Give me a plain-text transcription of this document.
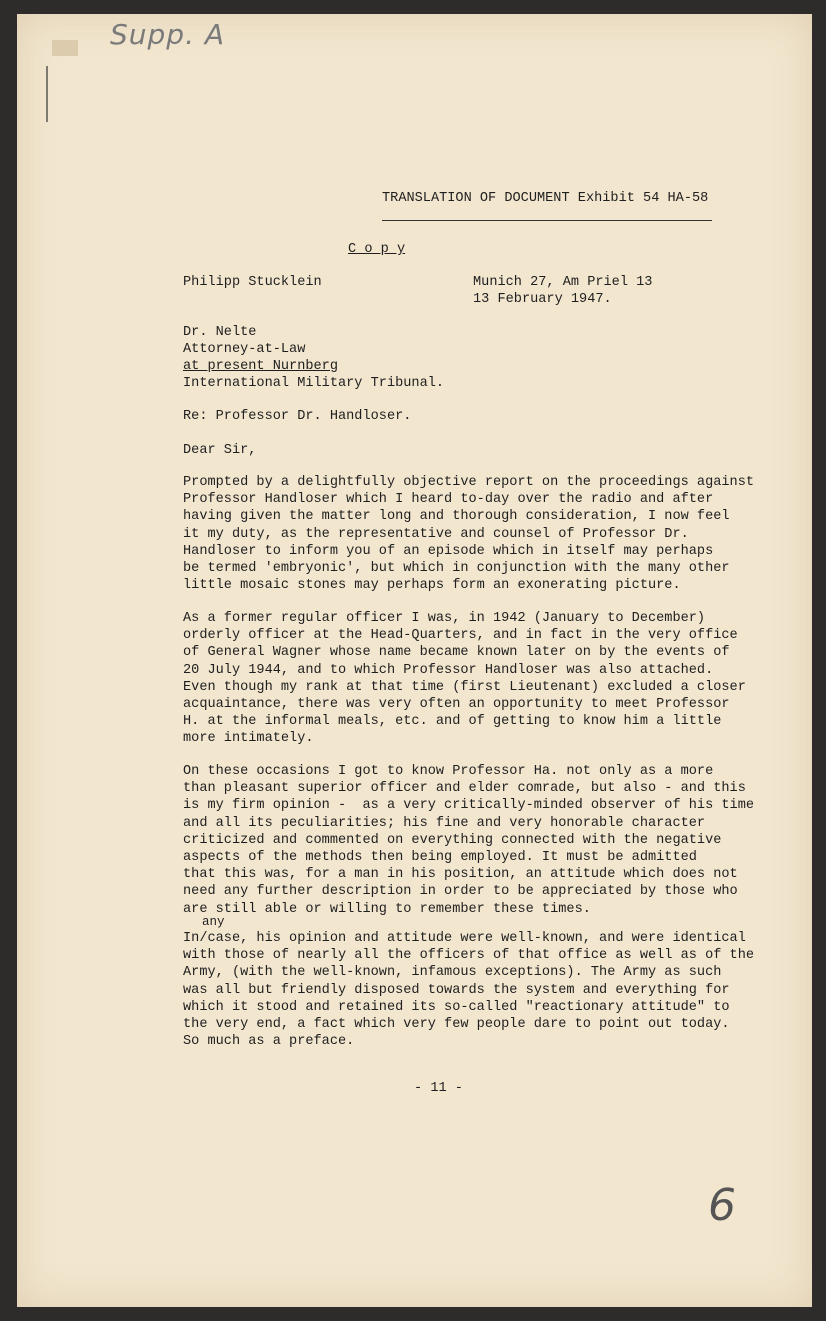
Supp. A
TRANSLATION OF DOCUMENT Exhibit 54 HA-58
C o p y
Philipp Stucklein	Munich 27, Am Priel 13
13 February 1947.
Dr. Nelte
Attorney-at-Law
at present Nurnberg
International Military Tribunal.
Re: Professor Dr. Handloser.
Dear Sir,
Prompted by a delightfully objective report on the proceedings against
Professor Handloser which I heard to-day over the radio and after
having given the matter long and thorough consideration, I now feel
it my duty, as the representative and counsel of Professor Dr.
Handloser to inform you of an episode which in itself may perhaps
be termed 'embryonic', but which in conjunction with the many other
little mosaic stones may perhaps form an exonerating picture.
As a former regular officer I was, in 1942 (January to December)
orderly officer at the Head-Quarters, and in fact in the very office
of General Wagner whose name became known later on by the events of
20 July 1944, and to which Professor Handloser was also attached.
Even though my rank at that time (first Lieutenant) excluded a closer
acquaintance, there was very often an opportunity to meet Professor
H. at the informal meals, etc. and of getting to know him a little
more intimately.
On these occasions I got to know Professor Ha. not only as a more
than pleasant superior officer and elder comrade, but also - and this
is my firm opinion -  as a very critically-minded observer of his time
and all its peculiarities; his fine and very honorable character
criticized and commented on everything connected with the negative
aspects of the methods then being employed. It must be admitted
that this was, for a man in his position, an attitude which does not
need any further description in order to be appreciated by those who
are still able or willing to remember these times.
any
In/case, his opinion and attitude were well-known, and were identical
with those of nearly all the officers of that office as well as of the
Army, (with the well-known, infamous exceptions). The Army as such
was all but friendly disposed towards the system and everything for
which it stood and retained its so-called "reactionary attitude" to
the very end, a fact which very few people dare to point out today.
So much as a preface.
- 11 -
6
